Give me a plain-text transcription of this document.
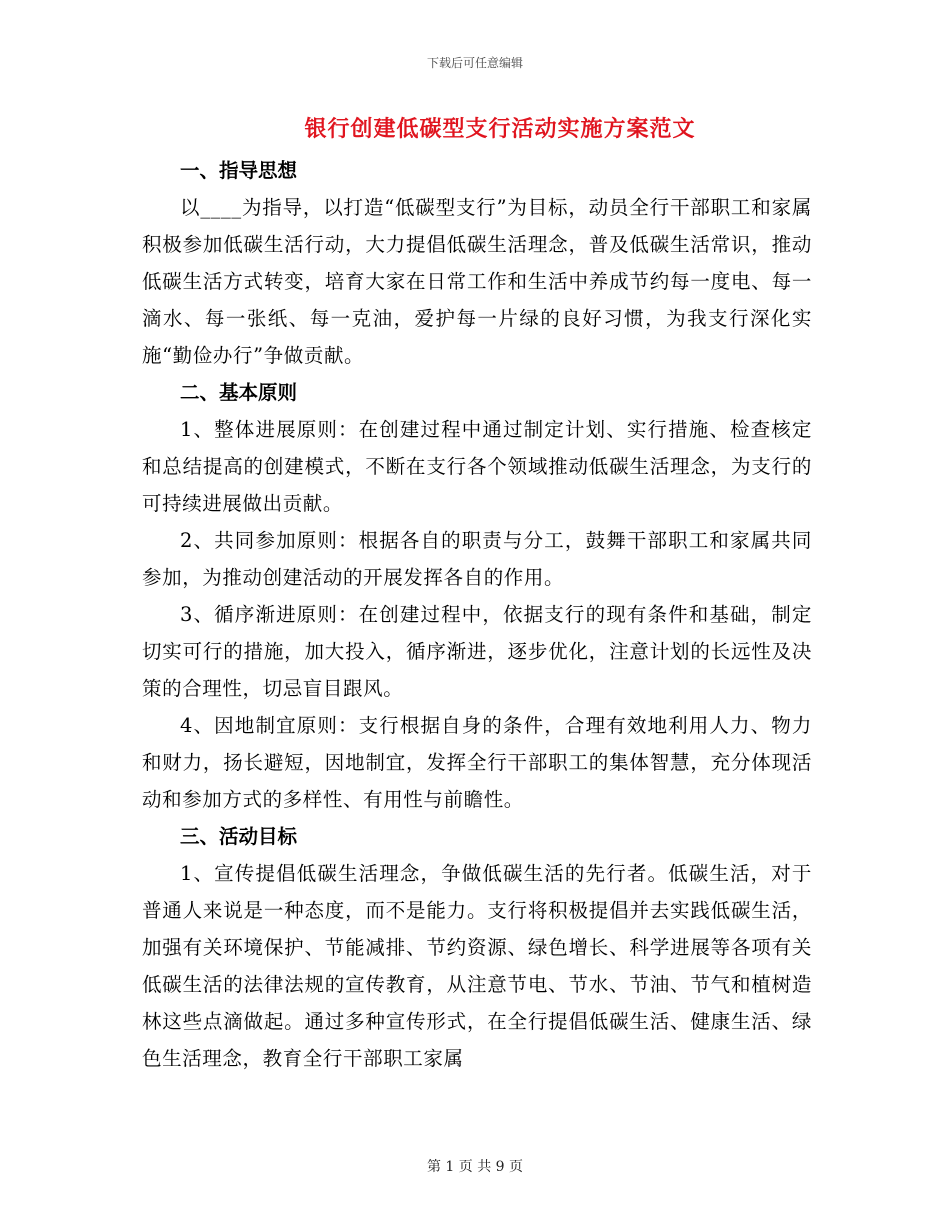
下载后可任意编辑
银行创建低碳型支行活动实施方案范文

一、指导思想

以____为指导，以打造“低碳型支行”为目标，动员全行干部职工和家属积极参加低碳生活行动，大力提倡低碳生活理念，普及低碳生活常识，推动低碳生活方式转变，培育大家在日常工作和生活中养成节约每一度电、每一滴水、每一张纸、每一克油，爱护每一片绿的良好习惯，为我支行深化实施“勤俭办行”争做贡献。

二、基本原则

1、整体进展原则：在创建过程中通过制定计划、实行措施、检查核定和总结提高的创建模式，不断在支行各个领域推动低碳生活理念，为支行的可持续进展做出贡献。

2、共同参加原则：根据各自的职责与分工，鼓舞干部职工和家属共同参加，为推动创建活动的开展发挥各自的作用。

3、循序渐进原则：在创建过程中，依据支行的现有条件和基础，制定切实可行的措施，加大投入，循序渐进，逐步优化，注意计划的长远性及决策的合理性，切忌盲目跟风。

4、因地制宜原则：支行根据自身的条件，合理有效地利用人力、物力和财力，扬长避短，因地制宜，发挥全行干部职工的集体智慧，充分体现活动和参加方式的多样性、有用性与前瞻性。

三、活动目标

1、宣传提倡低碳生活理念，争做低碳生活的先行者。低碳生活，对于普通人来说是一种态度，而不是能力。支行将积极提倡并去实践低碳生活，加强有关环境保护、节能减排、节约资源、绿色增长、科学进展等各项有关低碳生活的法律法规的宣传教育，从注意节电、节水、节油、节气和植树造林这些点滴做起。通过多种宣传形式，在全行提倡低碳生活、健康生活、绿色生活理念，教育全行干部职工家属

第 1 页 共 9 页
